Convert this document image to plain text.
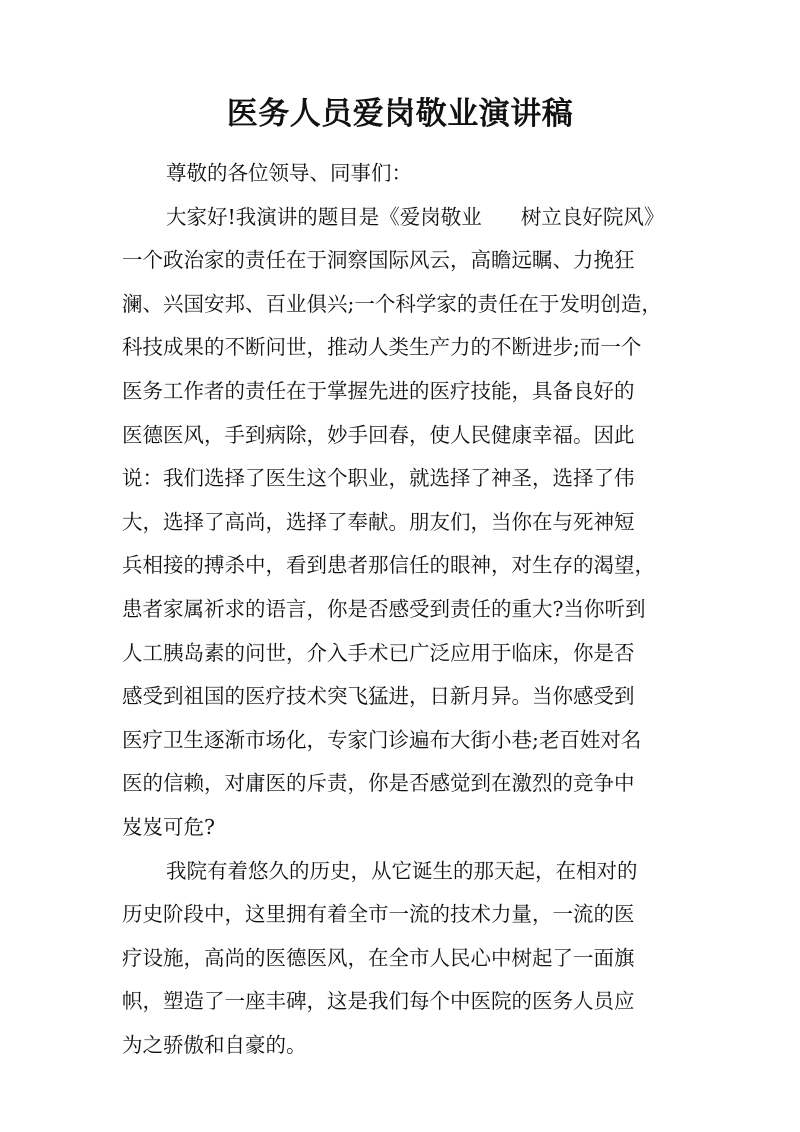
医务人员爱岗敬业演讲稿
尊敬的各位领导、同事们：
大家好!我演讲的题目是《爱岗敬业      树立良好院风》
一个政治家的责任在于洞察国际风云，高瞻远瞩、力挽狂
澜、兴国安邦、百业俱兴;一个科学家的责任在于发明创造，
科技成果的不断问世，推动人类生产力的不断进步;而一个
医务工作者的责任在于掌握先进的医疗技能，具备良好的
医德医风，手到病除，妙手回春，使人民健康幸福。因此
说：我们选择了医生这个职业，就选择了神圣，选择了伟
大，选择了高尚，选择了奉献。朋友们，当你在与死神短
兵相接的搏杀中，看到患者那信任的眼神，对生存的渴望，
患者家属祈求的语言，你是否感受到责任的重大?当你听到
人工胰岛素的问世，介入手术已广泛应用于临床，你是否
感受到祖国的医疗技术突飞猛进，日新月异。当你感受到
医疗卫生逐渐市场化，专家门诊遍布大街小巷;老百姓对名
医的信赖，对庸医的斥责，你是否感觉到在激烈的竞争中
岌岌可危?
我院有着悠久的历史，从它诞生的那天起，在相对的
历史阶段中，这里拥有着全市一流的技术力量，一流的医
疗设施，高尚的医德医风，在全市人民心中树起了一面旗
帜，塑造了一座丰碑，这是我们每个中医院的医务人员应
为之骄傲和自豪的。
